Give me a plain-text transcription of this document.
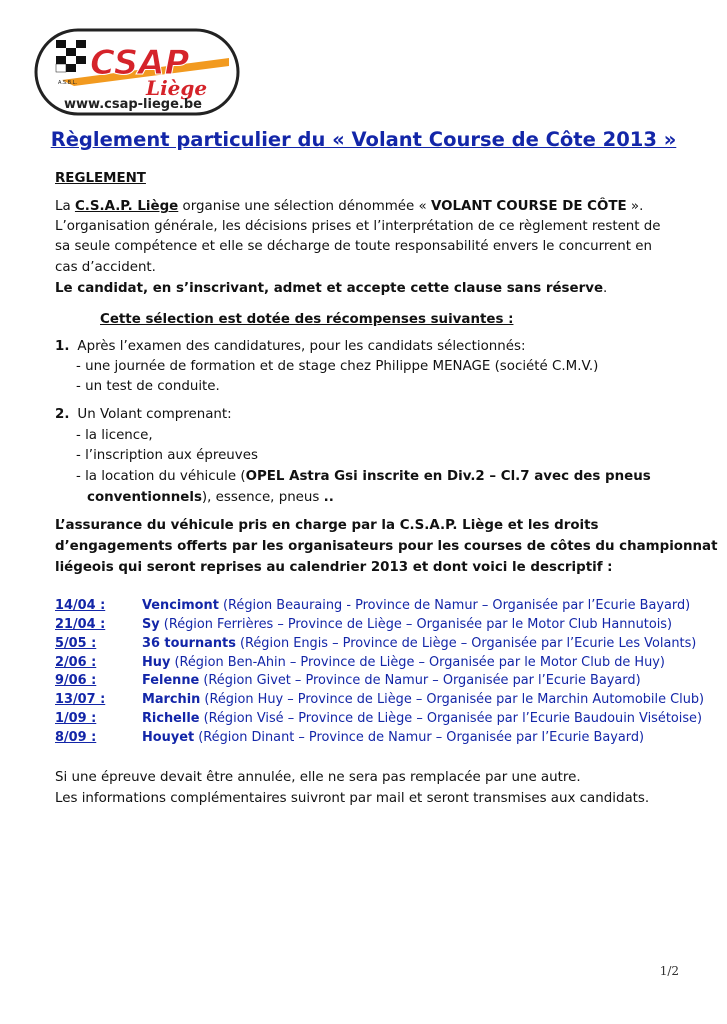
CSAP
Liège
A.S.B.L.
www.csap-liege.be
Règlement particulier du « Volant Course de Côte 2013 »
REGLEMENT
La C.S.A.P. Liège organise une sélection dénommée « VOLANT COURSE DE CÔTE ».
L’organisation générale, les décisions prises et l’interprétation de ce règlement restent de
sa seule compétence et elle se décharge de toute responsabilité envers le concurrent en
cas d’accident.
Le candidat, en s’inscrivant, admet et accepte cette clause sans réserve.
Cette sélection est dotée des récompenses suivantes :
1. Après l’examen des candidatures, pour les candidats sélectionnés:
- une journée de formation et de stage chez Philippe MENAGE (société C.M.V.)
- un test de conduite.
2. Un Volant comprenant:
- la licence,
- l’inscription aux épreuves
- la location du véhicule (OPEL Astra Gsi inscrite en Div.2 – Cl.7 avec des pneus
conventionnels), essence, pneus ..
L’assurance du véhicule pris en charge par la C.S.A.P. Liège et les droits
d’engagements offerts par les organisateurs pour les courses de côtes du championnat
liégeois qui seront reprises au calendrier 2013 et dont voici le descriptif :
14/04 :	Vencimont (Région Beauraing - Province de Namur – Organisée par l’Ecurie Bayard)
21/04 :	Sy (Région Ferrières – Province de Liège – Organisée par le Motor Club Hannutois)
5/05 :	36 tournants (Région Engis – Province de Liège – Organisée par l’Ecurie Les Volants)
2/06 :	Huy (Région Ben-Ahin – Province de Liège – Organisée par le Motor Club de Huy)
9/06 :	Felenne (Région Givet – Province de Namur – Organisée par l’Ecurie Bayard)
13/07 :	Marchin (Région Huy – Province de Liège – Organisée par le Marchin Automobile Club)
1/09 :	Richelle (Région Visé – Province de Liège – Organisée par l’Ecurie Baudouin Visétoise)
8/09 :	Houyet (Région Dinant – Province de Namur – Organisée par l’Ecurie Bayard)
Si une épreuve devait être annulée, elle ne sera pas remplacée par une autre.
Les informations complémentaires suivront par mail et seront transmises aux candidats.
1/2
